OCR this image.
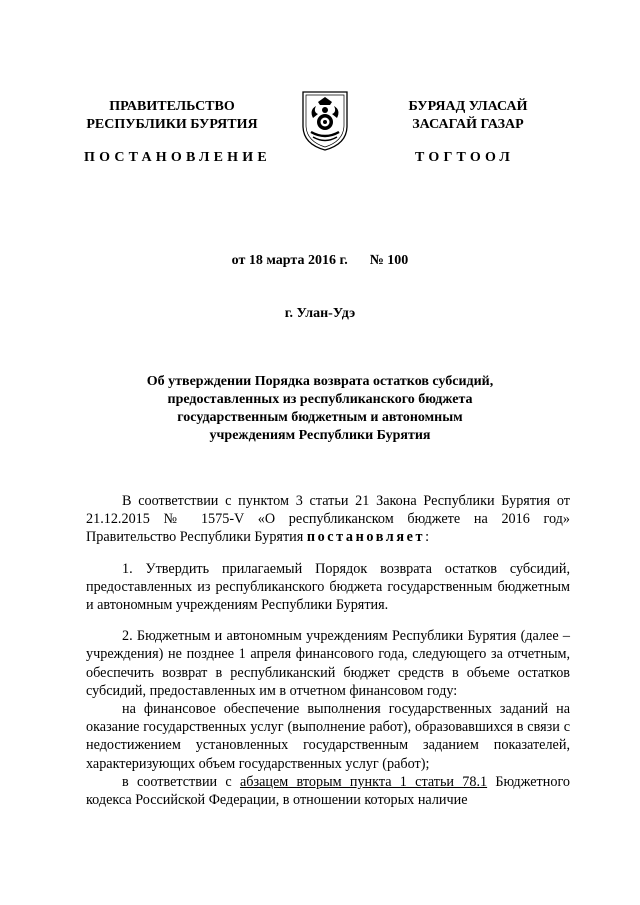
ПРАВИТЕЛЬСТВО
РЕСПУБЛИКИ БУРЯТИЯ
БУРЯАД УЛАСАЙ
ЗАСАГАЙ ГАЗАР
ПОСТАНОВЛЕНИЕ	ТОГТООЛ
от 18 марта 2016 г. № 100
г. Улан-Удэ
Об утверждении Порядка возврата остатков субсидий,
предоставленных из республиканского бюджета
государственным бюджетным и автономным
учреждениям Республики Бурятия

В соответствии с пунктом 3 статьи 21 Закона Республики Бурятия от 21.12.2015 № 1575-V «О республиканском бюджете на 2016 год» Правительство Республики Бурятия постановляет:

1. Утвердить прилагаемый Порядок возврата остатков субсидий, предоставленных из республиканского бюджета государственным бюджетным и автономным учреждениям Республики Бурятия.

2. Бюджетным и автономным учреждениям Республики Бурятия (далее – учреждения) не позднее 1 апреля финансового года, следующего за отчетным, обеспечить возврат в республиканский бюджет средств в объеме остатков субсидий, предоставленных им в отчетном финансовом году:

на финансовое обеспечение выполнения государственных заданий на оказание государственных услуг (выполнение работ), образовавшихся в связи с недостижением установленных государственным заданием показателей, характеризующих объем государственных услуг (работ);

в соответствии с абзацем вторым пункта 1 статьи 78.1 Бюджетного кодекса Российской Федерации, в отношении которых наличие
